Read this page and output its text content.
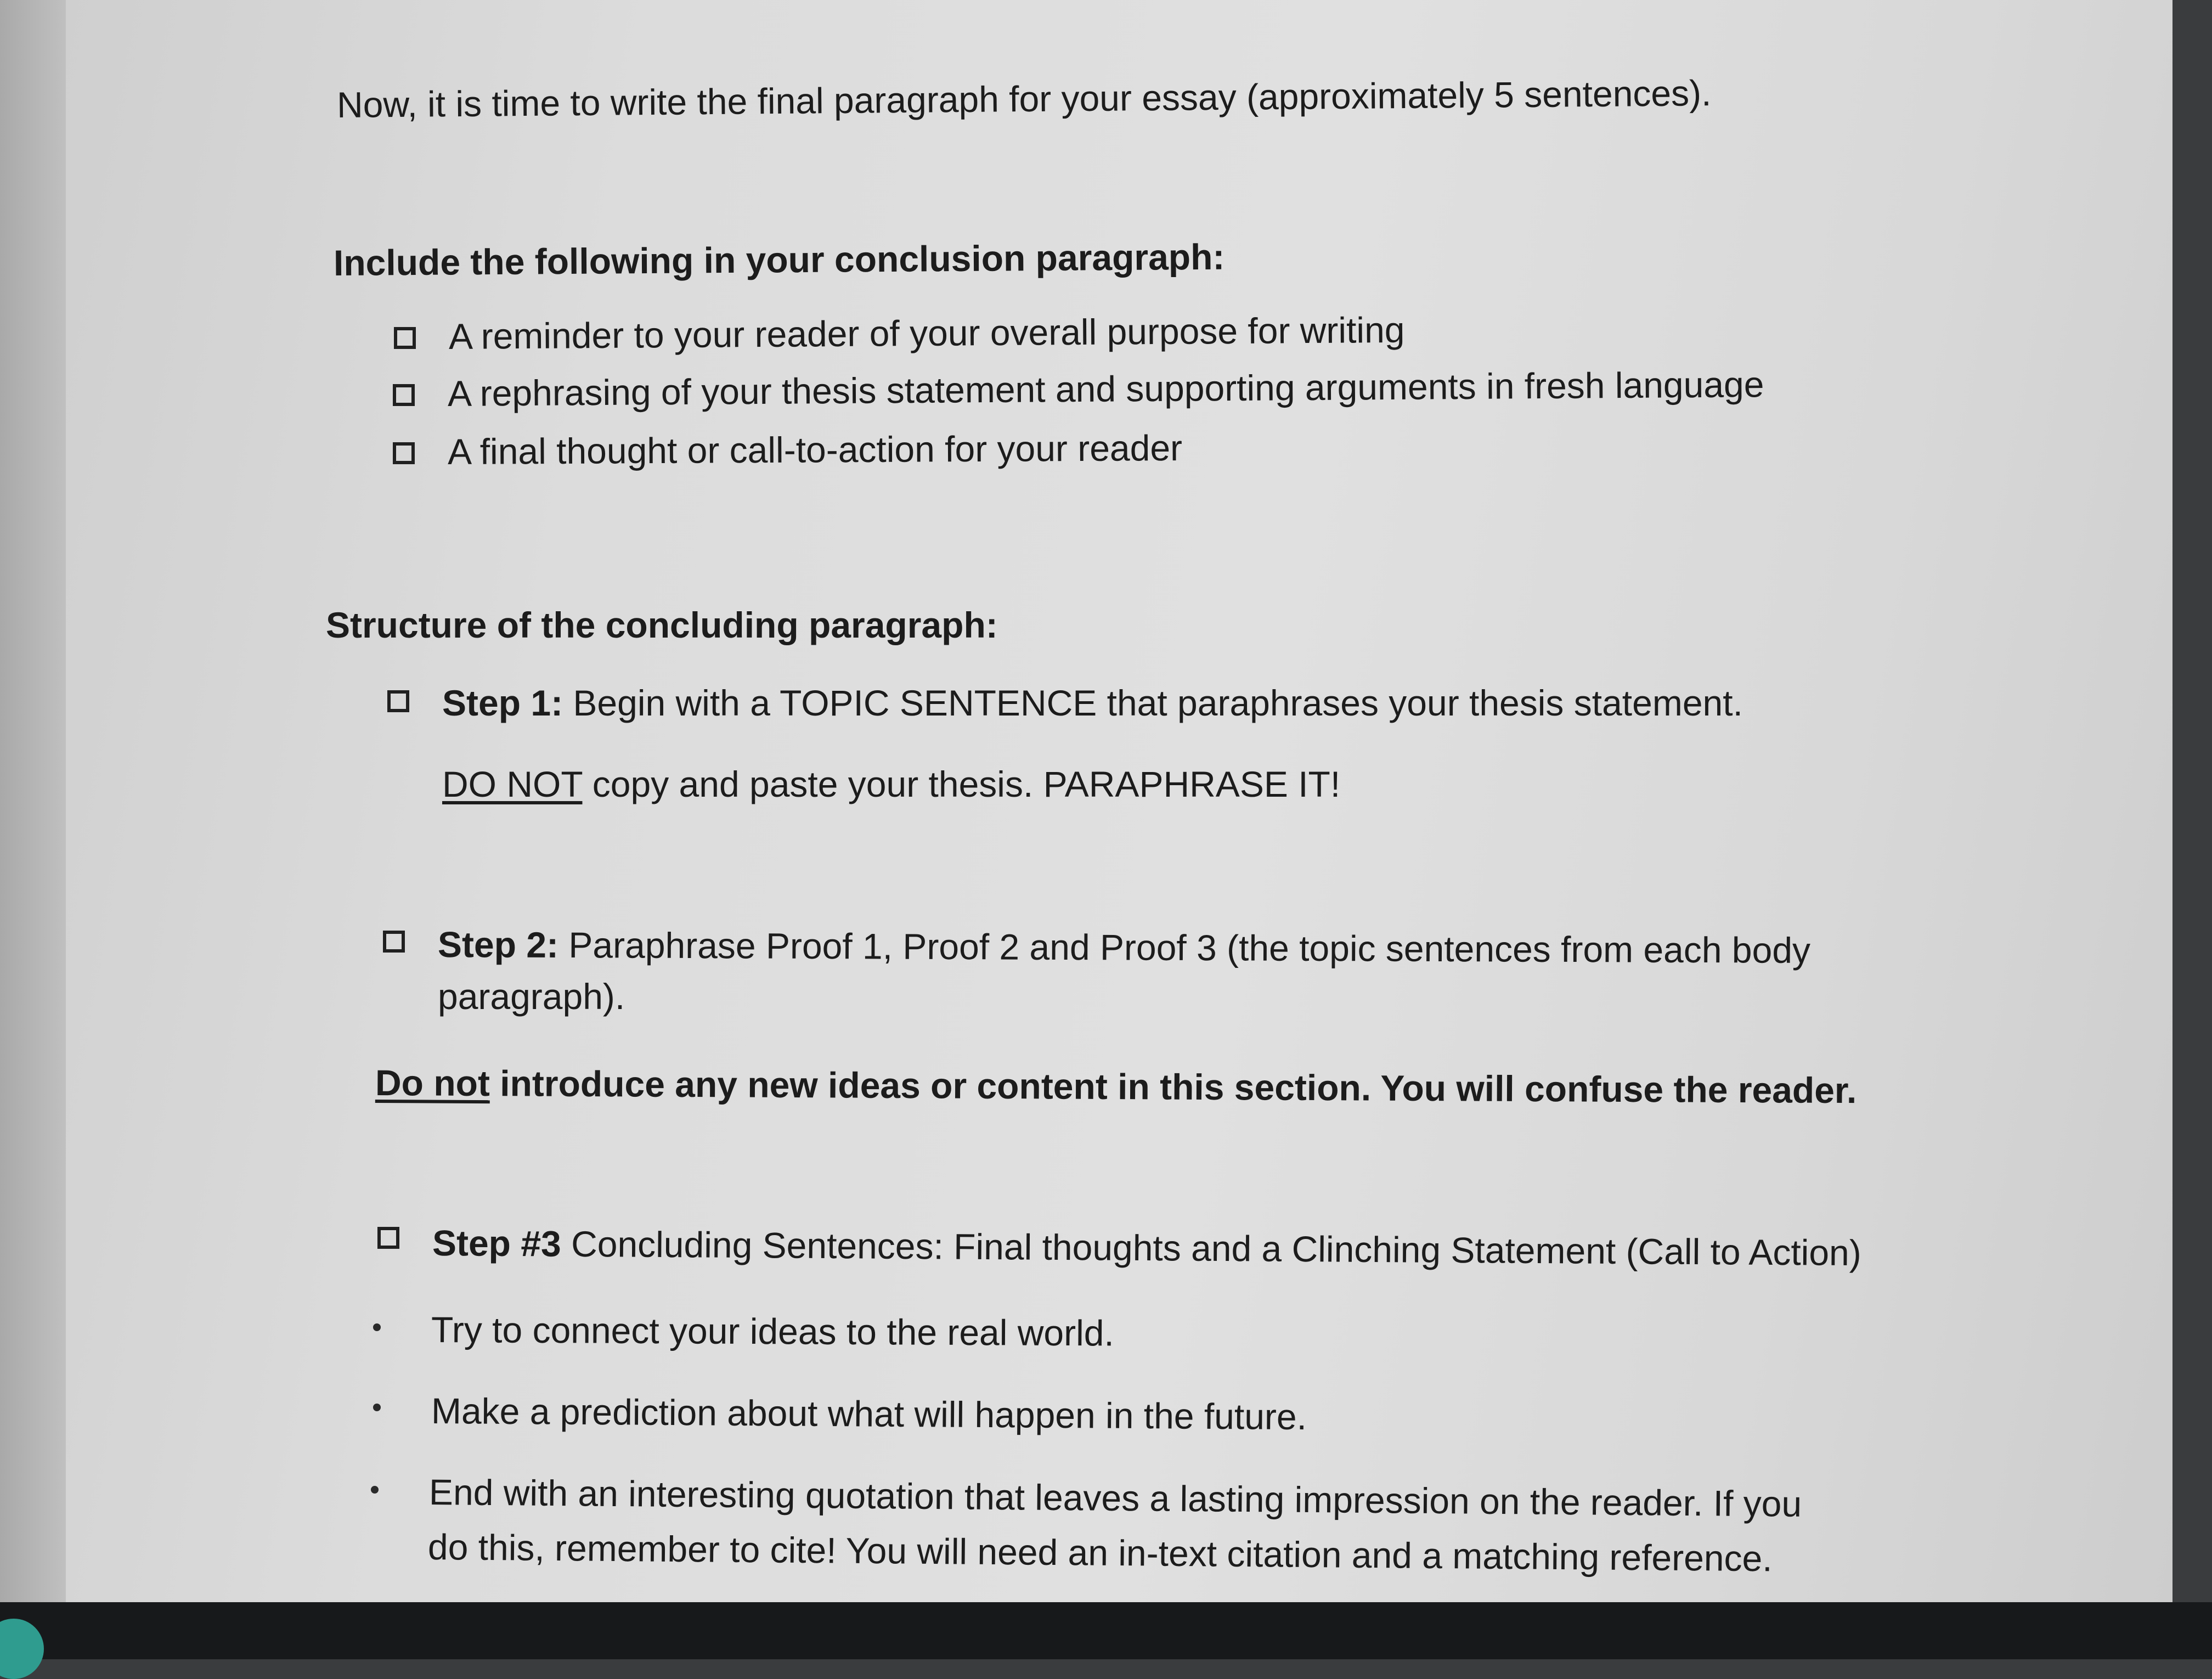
Now, it is time to write the final paragraph for your essay (approximately 5 sentences).
Include the following in your conclusion paragraph:
A reminder to your reader of your overall purpose for writing
A rephrasing of your thesis statement and supporting arguments in fresh language
A final thought or call-to-action for your reader
Structure of the concluding paragraph:
Step 1: Begin with a TOPIC SENTENCE that paraphrases your thesis statement.
DO NOT copy and paste your thesis. PARAPHRASE IT!
Step 2: Paraphrase Proof 1, Proof 2 and Proof 3 (the topic sentences from each body
paragraph).
Do not introduce any new ideas or content in this section. You will confuse the reader.
Step #3 Concluding Sentences: Final thoughts and a Clinching Statement (Call to Action)
Try to connect your ideas to the real world.
Make a prediction about what will happen in the future.
End with an interesting quotation that leaves a lasting impression on the reader. If you
do this, remember to cite! You will need an in-text citation and a matching reference.
